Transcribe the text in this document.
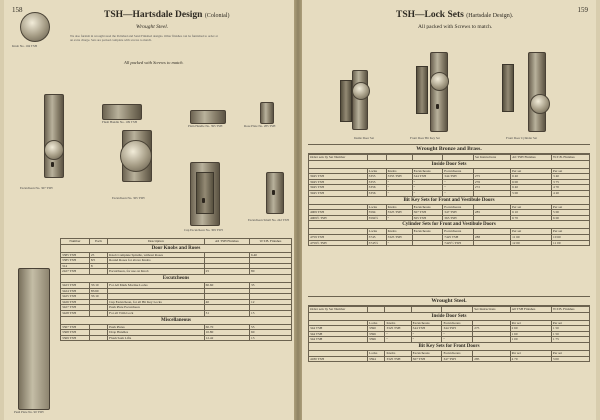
158	TSH—Hartsdale Design (Colonial)
Wrought Steel.
We also furnish in wrought steel the Polished and Sand Finished designs. Other finishes can be furnished to order at an extra charge. Sets are packed complete with screws to match.
All packed with Screws to match.
Knob No. 104 TSH
Escutcheon No. 307 TSH
Escutcheon No. 305 TSH
Flush Handle No. 109 TSH
Cup Escutcheon No. 309 TSH
Plain Handle No. 395 TSH	Rose Plate No. 285 TSH
Escutcheon Small No. 242 TSH
Push Plate No. 90 TSH
Number	Each	Description	All TSH Finishes	W.T.B. Finishes
Door Knobs and Roses				
3385 TSH	25	Knob Complete Spindle, without Roses		6.40
3385 TSH	8/5	Round Roses for above Knobs		
314	8			
2427 TSH		Escutcheon, for use on Knob	25	80
Escutcheons				
3423 TSH	35/10	For All Mark Mortise Locks	60.60	35
3424 TSH	85/60			
3425 TSH	35/10			
3426 TSH		Cup Escutcheon, for all Bit Key Locks	40	12
3427 TSH		Push Plate Escutcheon		
3428 TSH		For all Trim Lock	31	15
Miscellaneous				
3367 TSH		Push Plates	60.70	55
3368 TSH		Drop Handles	10.80	60
3369 TSH		Flush Sash Lifts	12.42	13
159
TSH—Lock Sets (Hartsdale Design).
All packed with Screws to match.
Inside Door Set	Front Door Bit Key Set	Front Door Cylinder Set
Wrought Bronze and Brass.
Order sets by Set Number					Set Instructions	All TSH Finishes	W.T.B. Finishes
Inside Door Sets							
	Locks	Knobs	Escutcheons	Escutcheons		Per set	Per set
3945 TSH	3355	3355 TSH	344 TSH	344 TSH	275	6 40	3 40
3945 TSH	3355	"	"	"	276	6 00	3 75
3945 TSH	3356	"	"	"	272	6 40	4 70
3945 TSH	3356	"	"	"		5 00	4 20
Bit Key Sets for Front and Vestibule Doors							
	Locks	Knobs	Escutcheons	Escutcheons		Per set	Per set
4009 TSH	3594	3325 TSH	367 TSH	347 TSH	285	6 10	5 00
4009½ TSH	3594½	"	365 TSH	365 TSH		6 70	6 00
Cylinder Sets for Front and Vestibule Doors							
	Locks	Knobs	Escutcheons	Escutcheons		Per set	Per set
4759 TSH	3745	3325 TSH		7425 TSH	288	11 60	10 60
4759½ TSH	3745½	"		7425½ TSH		12 00	11 00
Wrought Steel.
Order sets by Set Number					Set Instructions	All TSH Finishes	W.T.B. Finishes
Inside Door Sets							
	Locks	Knobs	Escutcheons	Escutcheons		Per set	Per set
344 TSH	3390	3325 TSH	344 TSH	344 TSH	275	2 60	1 50
344 TSH	3396	"	"	"		1 60	1 50
344 TSH	3396	"	"	"		1 00	1 75
Bit Key Sets for Front Doors							
	Locks	Knobs	Escutcheons	Escutcheons		Per set	Per set
4180 TSH	3594	3325 TSH	367 TSH	347 TSH	285	4 70	3 00
